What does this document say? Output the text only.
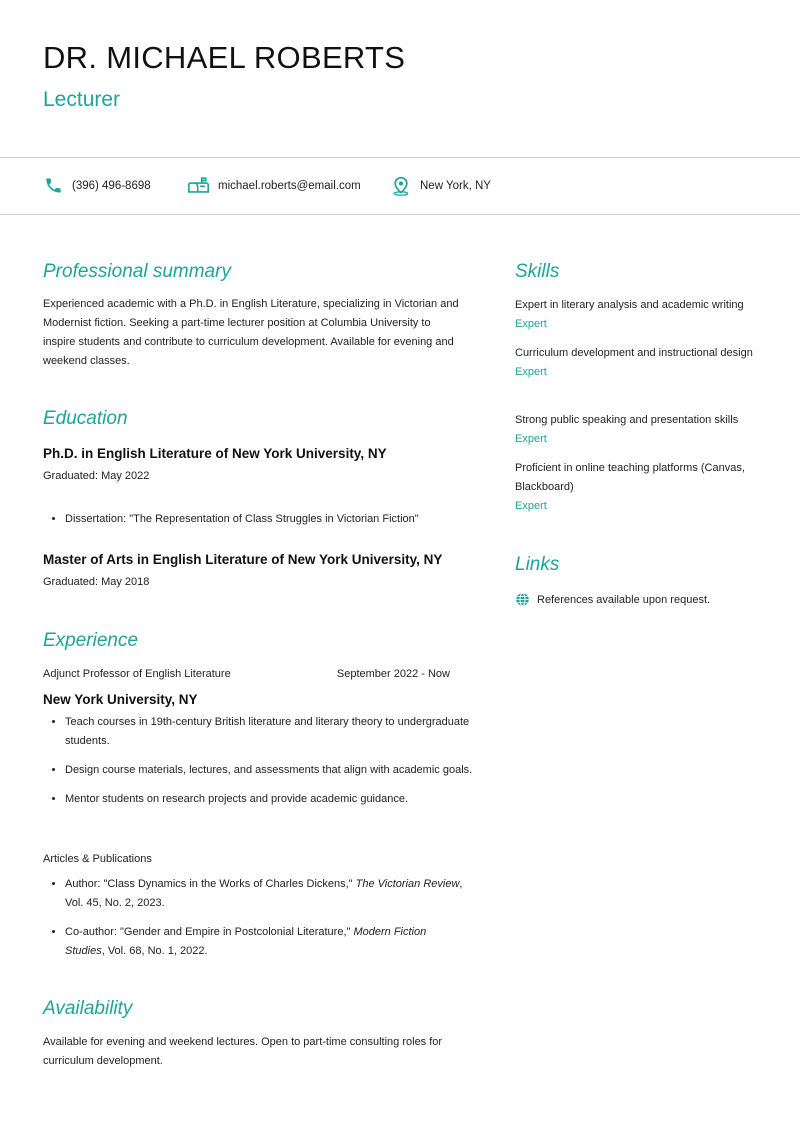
DR. MICHAEL ROBERTS
Lecturer
(396) 496-8698	michael.roberts@email.com	New York, NY
Professional summary
Experienced academic with a Ph.D. in English Literature, specializing in Victorian and Modernist fiction. Seeking a part-time lecturer position at Columbia University to inspire students and contribute to curriculum development. Available for evening and weekend classes.
Education
Ph.D. in English Literature of New York University, NY
Graduated: May 2022
• Dissertation: "The Representation of Class Struggles in Victorian Fiction"
Master of Arts in English Literature of New York University, NY
Graduated: May 2018
Experience
Adjunct Professor of English Literature	September 2022 - Now
New York University, NY
• Teach courses in 19th-century British literature and literary theory to undergraduate students.
• Design course materials, lectures, and assessments that align with academic goals.
• Mentor students on research projects and provide academic guidance.
Articles & Publications
• Author: "Class Dynamics in the Works of Charles Dickens," The Victorian Review, Vol. 45, No. 2, 2023.
• Co-author: "Gender and Empire in Postcolonial Literature," Modern Fiction Studies, Vol. 68, No. 1, 2022.
Availability
Available for evening and weekend lectures. Open to part-time consulting roles for curriculum development.
Skills
Expert in literary analysis and academic writing
Expert
Curriculum development and instructional design
Expert
Strong public speaking and presentation skills
Expert
Proficient in online teaching platforms (Canvas, Blackboard)
Expert
Links
References available upon request.
